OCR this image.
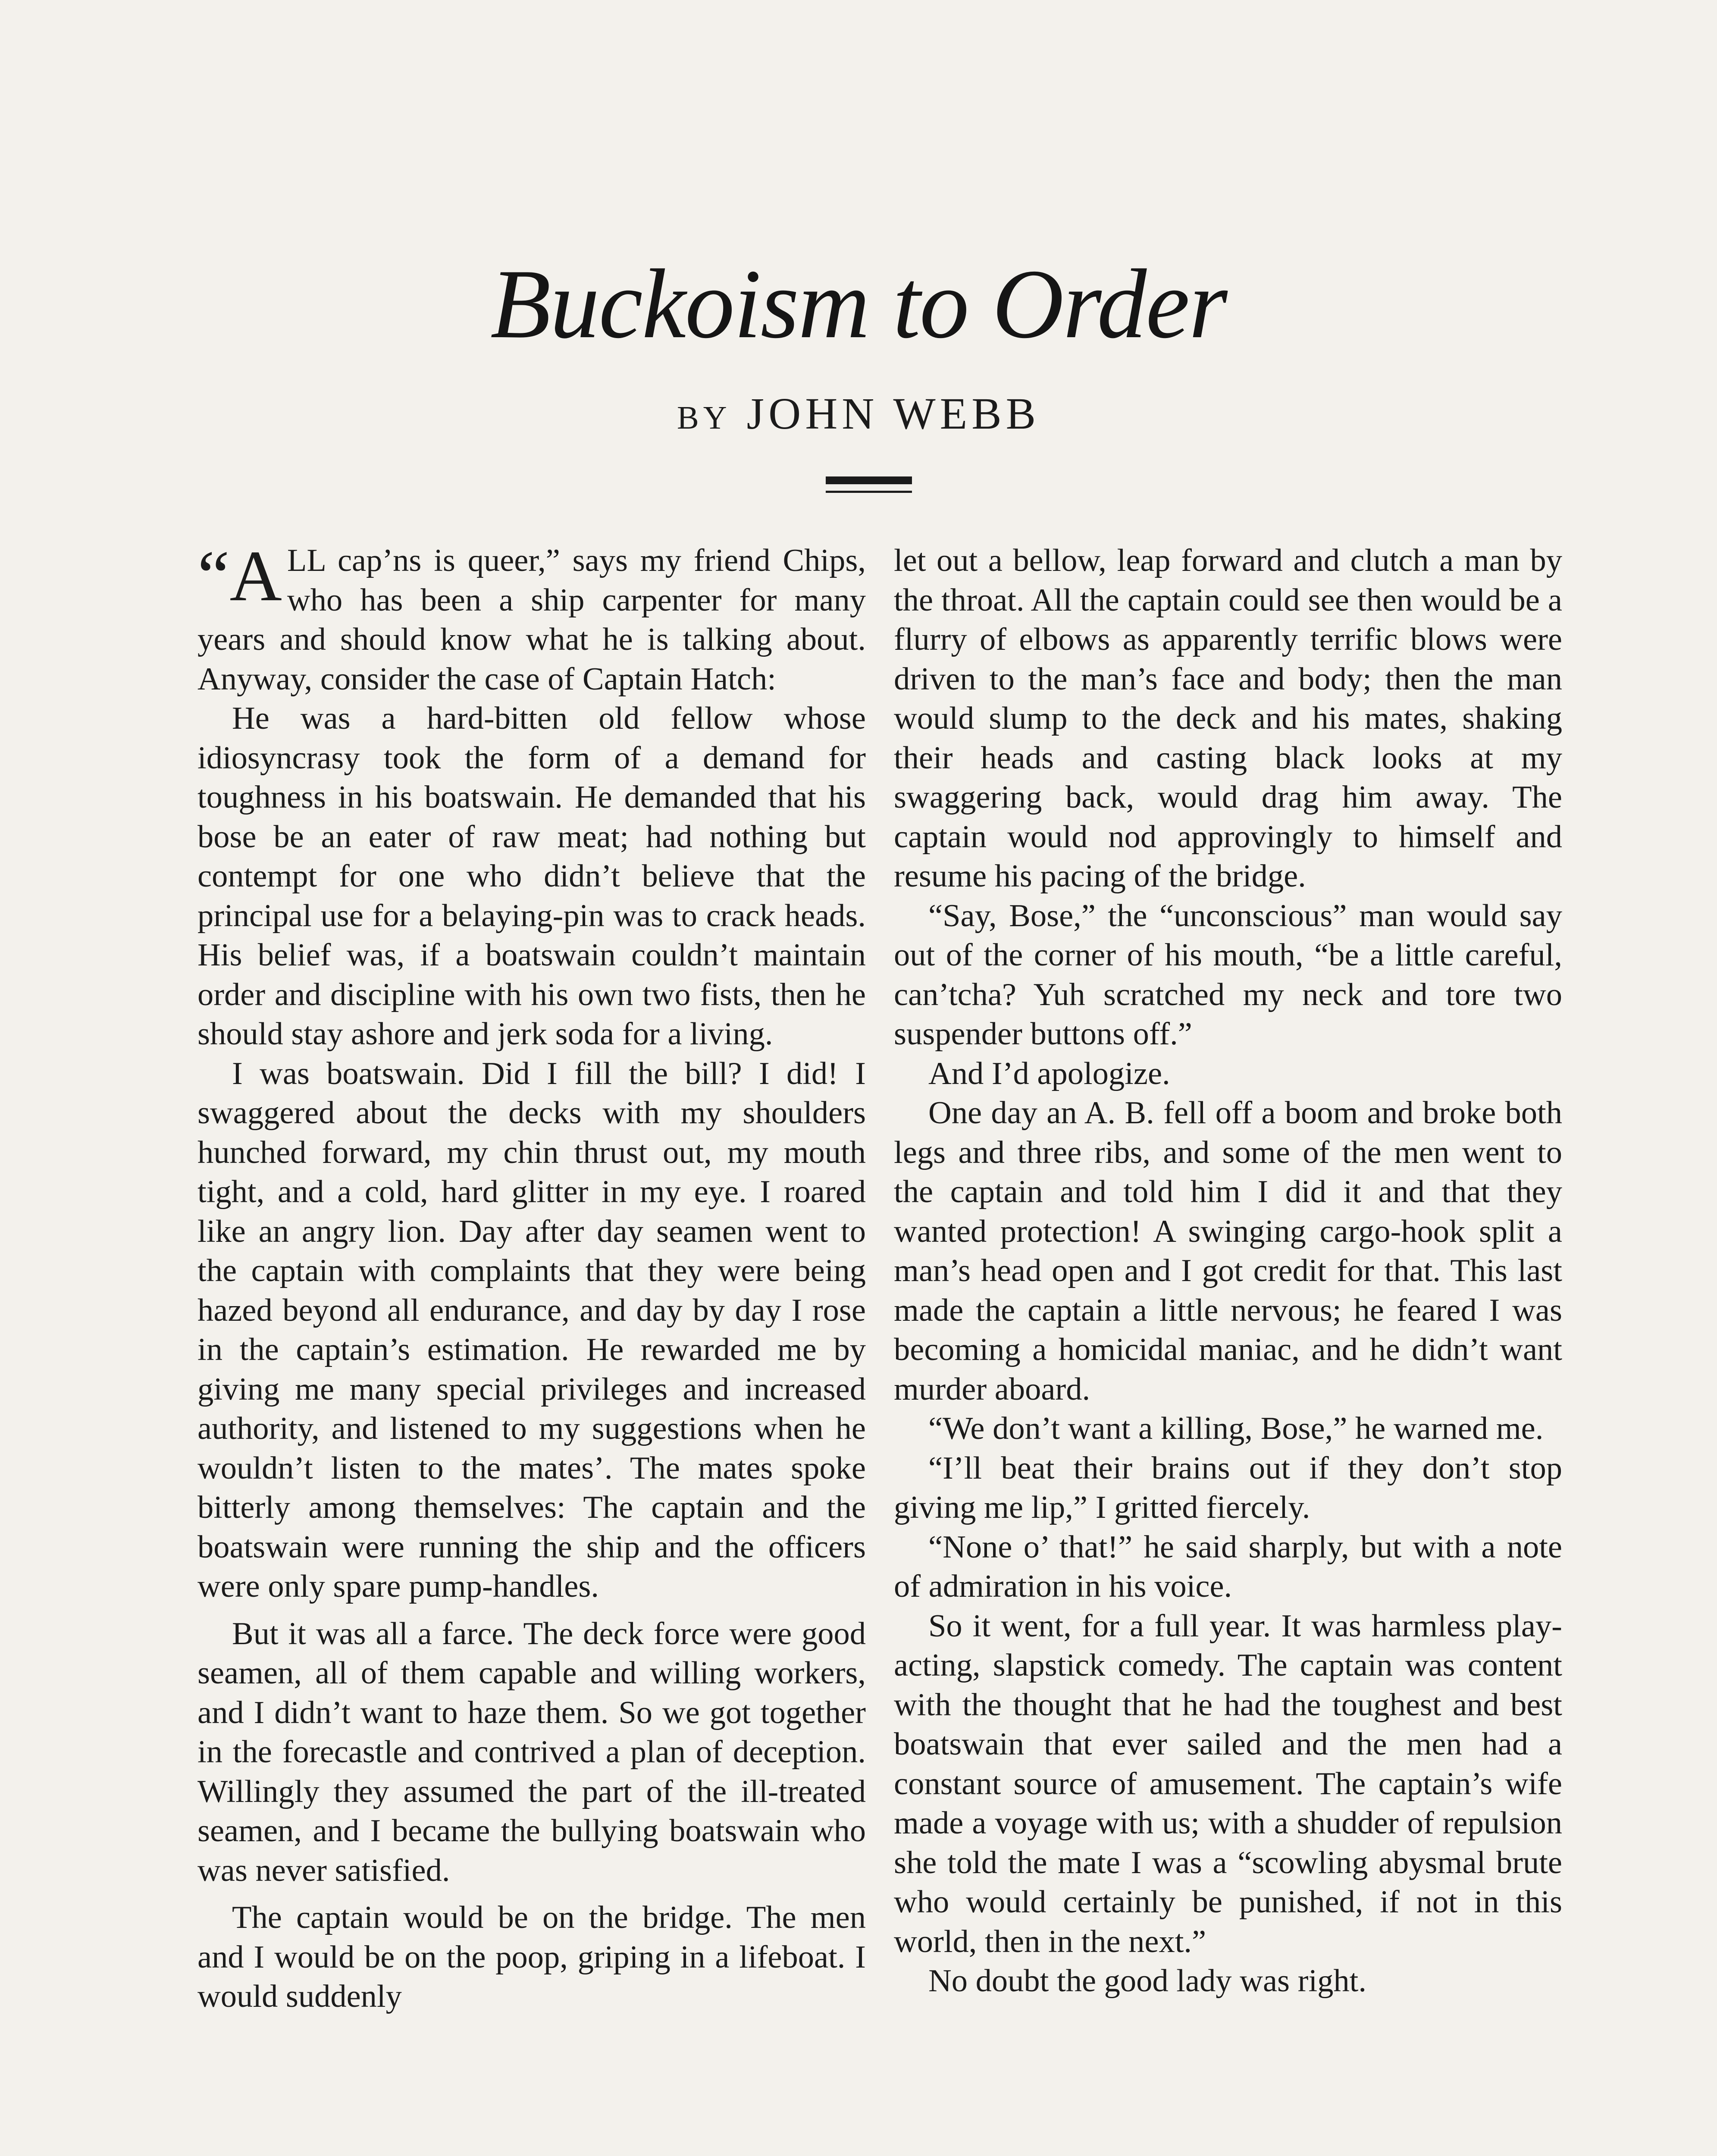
Buckoism to Order
BY JOHN WEBB

“A LL cap’ns is queer,” says my friend Chips, who has been a ship carpenter for many years and should know what he is talking about. Anyway, consider the case of Captain Hatch:

He was a hard-bitten old fellow whose idiosyncrasy took the form of a demand for toughness in his boatswain. He demanded that his bose be an eater of raw meat; had nothing but contempt for one who didn’t believe that the principal use for a belaying-pin was to crack heads. His belief was, if a boatswain couldn’t maintain order and discipline with his own two fists, then he should stay ashore and jerk soda for a living.

I was boatswain. Did I fill the bill? I did! I swaggered about the decks with my shoulders hunched forward, my chin thrust out, my mouth tight, and a cold, hard glitter in my eye. I roared like an angry lion. Day after day seamen went to the captain with complaints that they were being hazed beyond all endurance, and day by day I rose in the captain’s estimation. He rewarded me by giving me many special privileges and increased authority, and listened to my suggestions when he wouldn’t listen to the mates’. The mates spoke bitterly among themselves: The captain and the boatswain were running the ship and the officers were only spare pump-handles.

But it was all a farce. The deck force were good seamen, all of them capable and willing workers, and I didn’t want to haze them. So we got together in the forecastle and contrived a plan of deception. Willingly they assumed the part of the ill-treated seamen, and I became the bullying boatswain who was never satisfied.

The captain would be on the bridge. The men and I would be on the poop, griping in a lifeboat. I would suddenly

let out a bellow, leap forward and clutch a man by the throat. All the captain could see then would be a flurry of elbows as apparently terrific blows were driven to the man’s face and body; then the man would slump to the deck and his mates, shaking their heads and casting black looks at my swaggering back, would drag him away. The captain would nod approvingly to himself and resume his pacing of the bridge.

“Say, Bose,” the “unconscious” man would say out of the corner of his mouth, “be a little careful, can’tcha? Yuh scratched my neck and tore two suspender buttons off.”

And I’d apologize.

One day an A. B. fell off a boom and broke both legs and three ribs, and some of the men went to the captain and told him I did it and that they wanted protection! A swinging cargo-hook split a man’s head open and I got credit for that. This last made the captain a little nervous; he feared I was becoming a homicidal maniac, and he didn’t want murder aboard.

“We don’t want a killing, Bose,” he warned me.

“I’ll beat their brains out if they don’t stop giving me lip,” I gritted fiercely.

“None o’ that!” he said sharply, but with a note of admiration in his voice.

So it went, for a full year. It was harmless play-acting, slapstick comedy. The captain was content with the thought that he had the toughest and best boatswain that ever sailed and the men had a constant source of amusement. The captain’s wife made a voyage with us; with a shudder of repulsion she told the mate I was a “scowling abysmal brute who would certainly be punished, if not in this world, then in the next.”

No doubt the good lady was right.
